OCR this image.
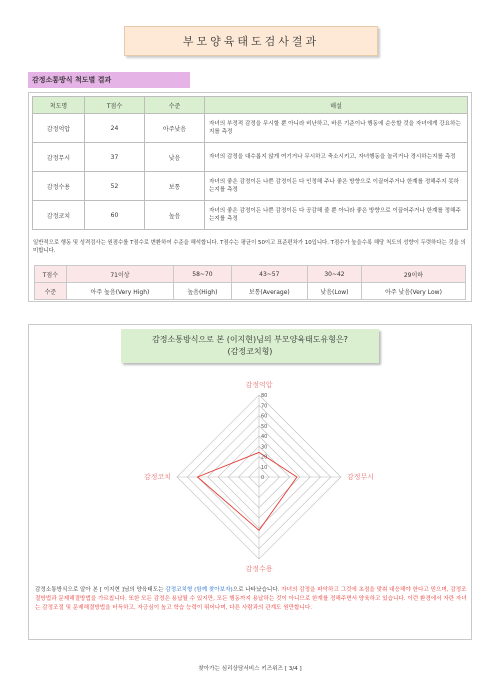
부모양육태도검사결과
감정소통방식 척도별 결과
척도명	T점수	수준	해설
감정억압	24	아주낮음	자녀의 부정적 감정을 무시할 뿐 아니라 비난하고, 바른 기준이나 행동에 순응할 것을 자녀에게 강요하는지를 측정
감정무시	37	낮음	자녀의 감정을 대수롭지 않게 여기거나 무시하고 축소시키고, 자녀행동을 놀리거나 경시하는지를 측정
감정수용	52	보통	자녀의 좋은 감정이든 나쁜 감정이든 다 인정해 주나 좋은 방향으로 이끌어주거나 한계를 정해주지 못하는지를 측정
감정코치	60	높음	자녀의 좋은 감정이든 나쁜 감정이든 다 공감해 줄 뿐 아니라 좋은 방향으로 이끌어주거나 한계를 정해주는지를 측정
일반적으로 행동 및 성격검사는 원점수를 T점수로 변환하여 수준을 해석합니다. T점수는 평균이 50이고 표준편차가 10입니다. T점수가 높을수록 해당 척도의 성향이 두렷하다는 것을 의미합니다.
T점수	71이상	58~70	43~57	30~42	29이하
수준	아주 높음(Very High)	높음(High)	보통(Average)	낮음(Low)	아주 낮음(Very Low)
감정소통방식으로 본 (이지현)님의 부모양육태도유형은?
(감정코치형)
80
70
60
50
40
30
20
10
0
감정억압
감정무시
감정수용
감정코치
감정소통방식으로 알아 본 [ 이지현 ]님의 양육태도는 감정코치형 (함께 찾아보자)으로 나타났습니다. 자녀의 감정을 파악하고 그것에 초점을 맞춰 대응해야 한다고 믿으며, 감정조절방법과 문제해결방법을 가르칩니다. 또한 모든 감정은 용납될 수 있지만, 모든 행동까지 용납하는 것이 아니므로 한계를 정해주면서 양육하고 있습니다. 이런 환경에서 자란 자녀는 감정조절 및 문제해결방법을 터득하고, 자긍심이 높고 학습 능력이 뛰어나며, 다른 사람과의 관계도 원만합니다.
찾아가는 심리상담서비스 키즈위즈 [ 3/4 ]
